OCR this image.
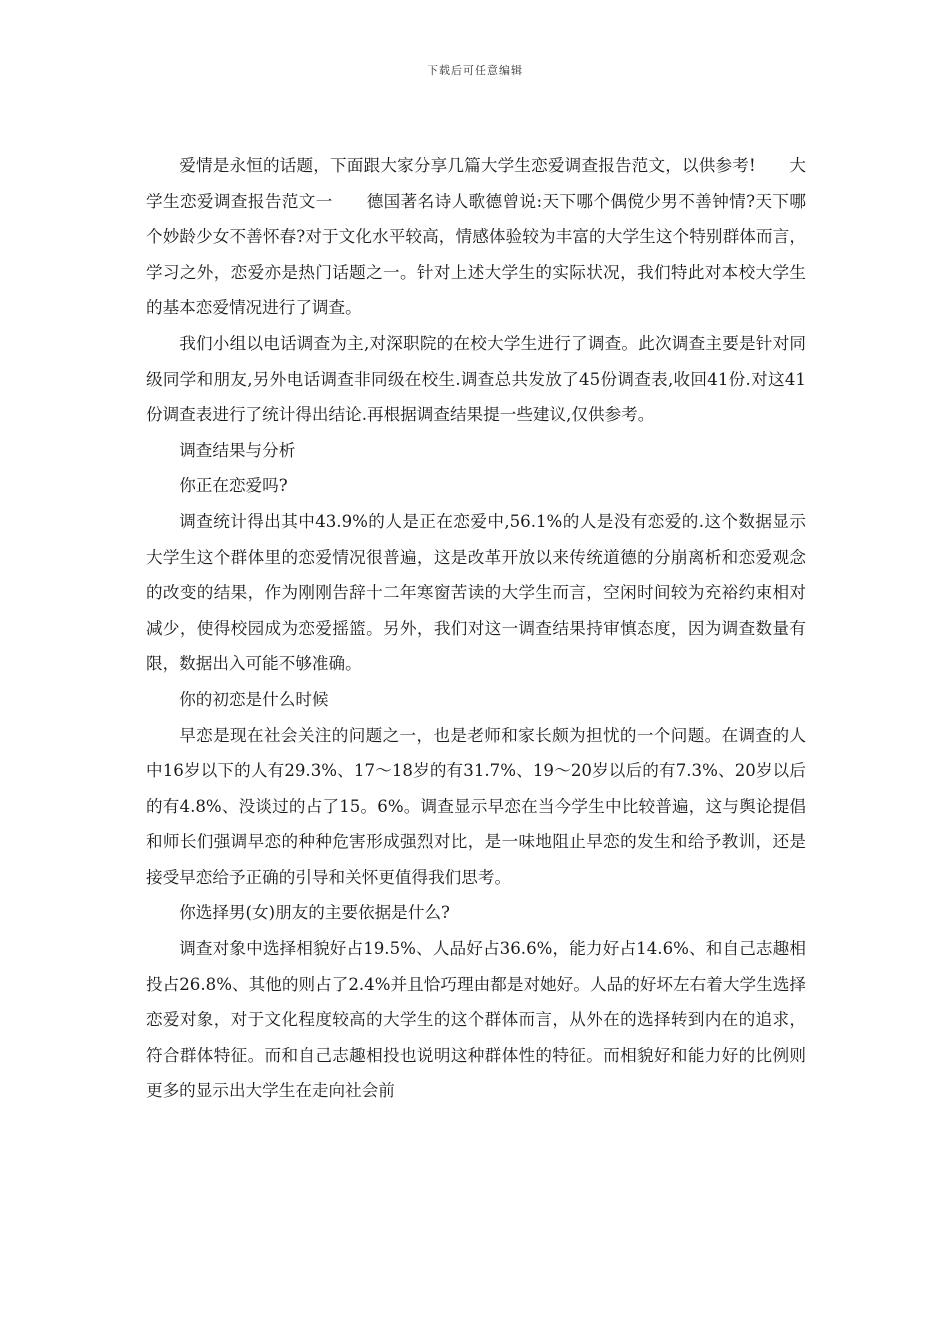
下载后可任意编辑

爱情是永恒的话题，下面跟大家分享几篇大学生恋爱调查报告范文，以供参考!　　大学生恋爱调查报告范文一　　德国著名诗人歌德曾说:天下哪个偶傥少男不善钟情?天下哪个妙龄少女不善怀春?对于文化水平较高，情感体验较为丰富的大学生这个特别群体而言，学习之外，恋爱亦是热门话题之一。针对上述大学生的实际状况，我们特此对本校大学生的基本恋爱情况进行了调查。

我们小组以电话调查为主,对深职院的在校大学生进行了调查。此次调查主要是针对同级同学和朋友,另外电话调查非同级在校生.调查总共发放了45份调查表,收回41份.对这41份调查表进行了统计得出结论.再根据调查结果提一些建议,仅供参考。

调查结果与分析

你正在恋爱吗?

调查统计得出其中43.9%的人是正在恋爱中,56.1%的人是没有恋爱的.这个数据显示大学生这个群体里的恋爱情况很普遍，这是改革开放以来传统道德的分崩离析和恋爱观念的改变的结果，作为刚刚告辞十二年寒窗苦读的大学生而言，空闲时间较为充裕约束相对减少，使得校园成为恋爱摇篮。另外，我们对这一调查结果持审慎态度，因为调查数量有限，数据出入可能不够准确。

你的初恋是什么时候

早恋是现在社会关注的问题之一，也是老师和家长颇为担忧的一个问题。在调查的人中16岁以下的人有29.3%、17～18岁的有31.7%、19～20岁以后的有7.3%、20岁以后的有4.8%、没谈过的占了15。6%。调查显示早恋在当今学生中比较普遍，这与舆论提倡和师长们强调早恋的种种危害形成强烈对比，是一味地阻止早恋的发生和给予教训，还是接受早恋给予正确的引导和关怀更值得我们思考。

你选择男(女)朋友的主要依据是什么?

调查对象中选择相貌好占19.5%、人品好占36.6%，能力好占14.6%、和自己志趣相投占26.8%、其他的则占了2.4%并且恰巧理由都是对她好。人品的好坏左右着大学生选择恋爱对象，对于文化程度较高的大学生的这个群体而言，从外在的选择转到内在的追求，符合群体特征。而和自己志趣相投也说明这种群体性的特征。而相貌好和能力好的比例则更多的显示出大学生在走向社会前
